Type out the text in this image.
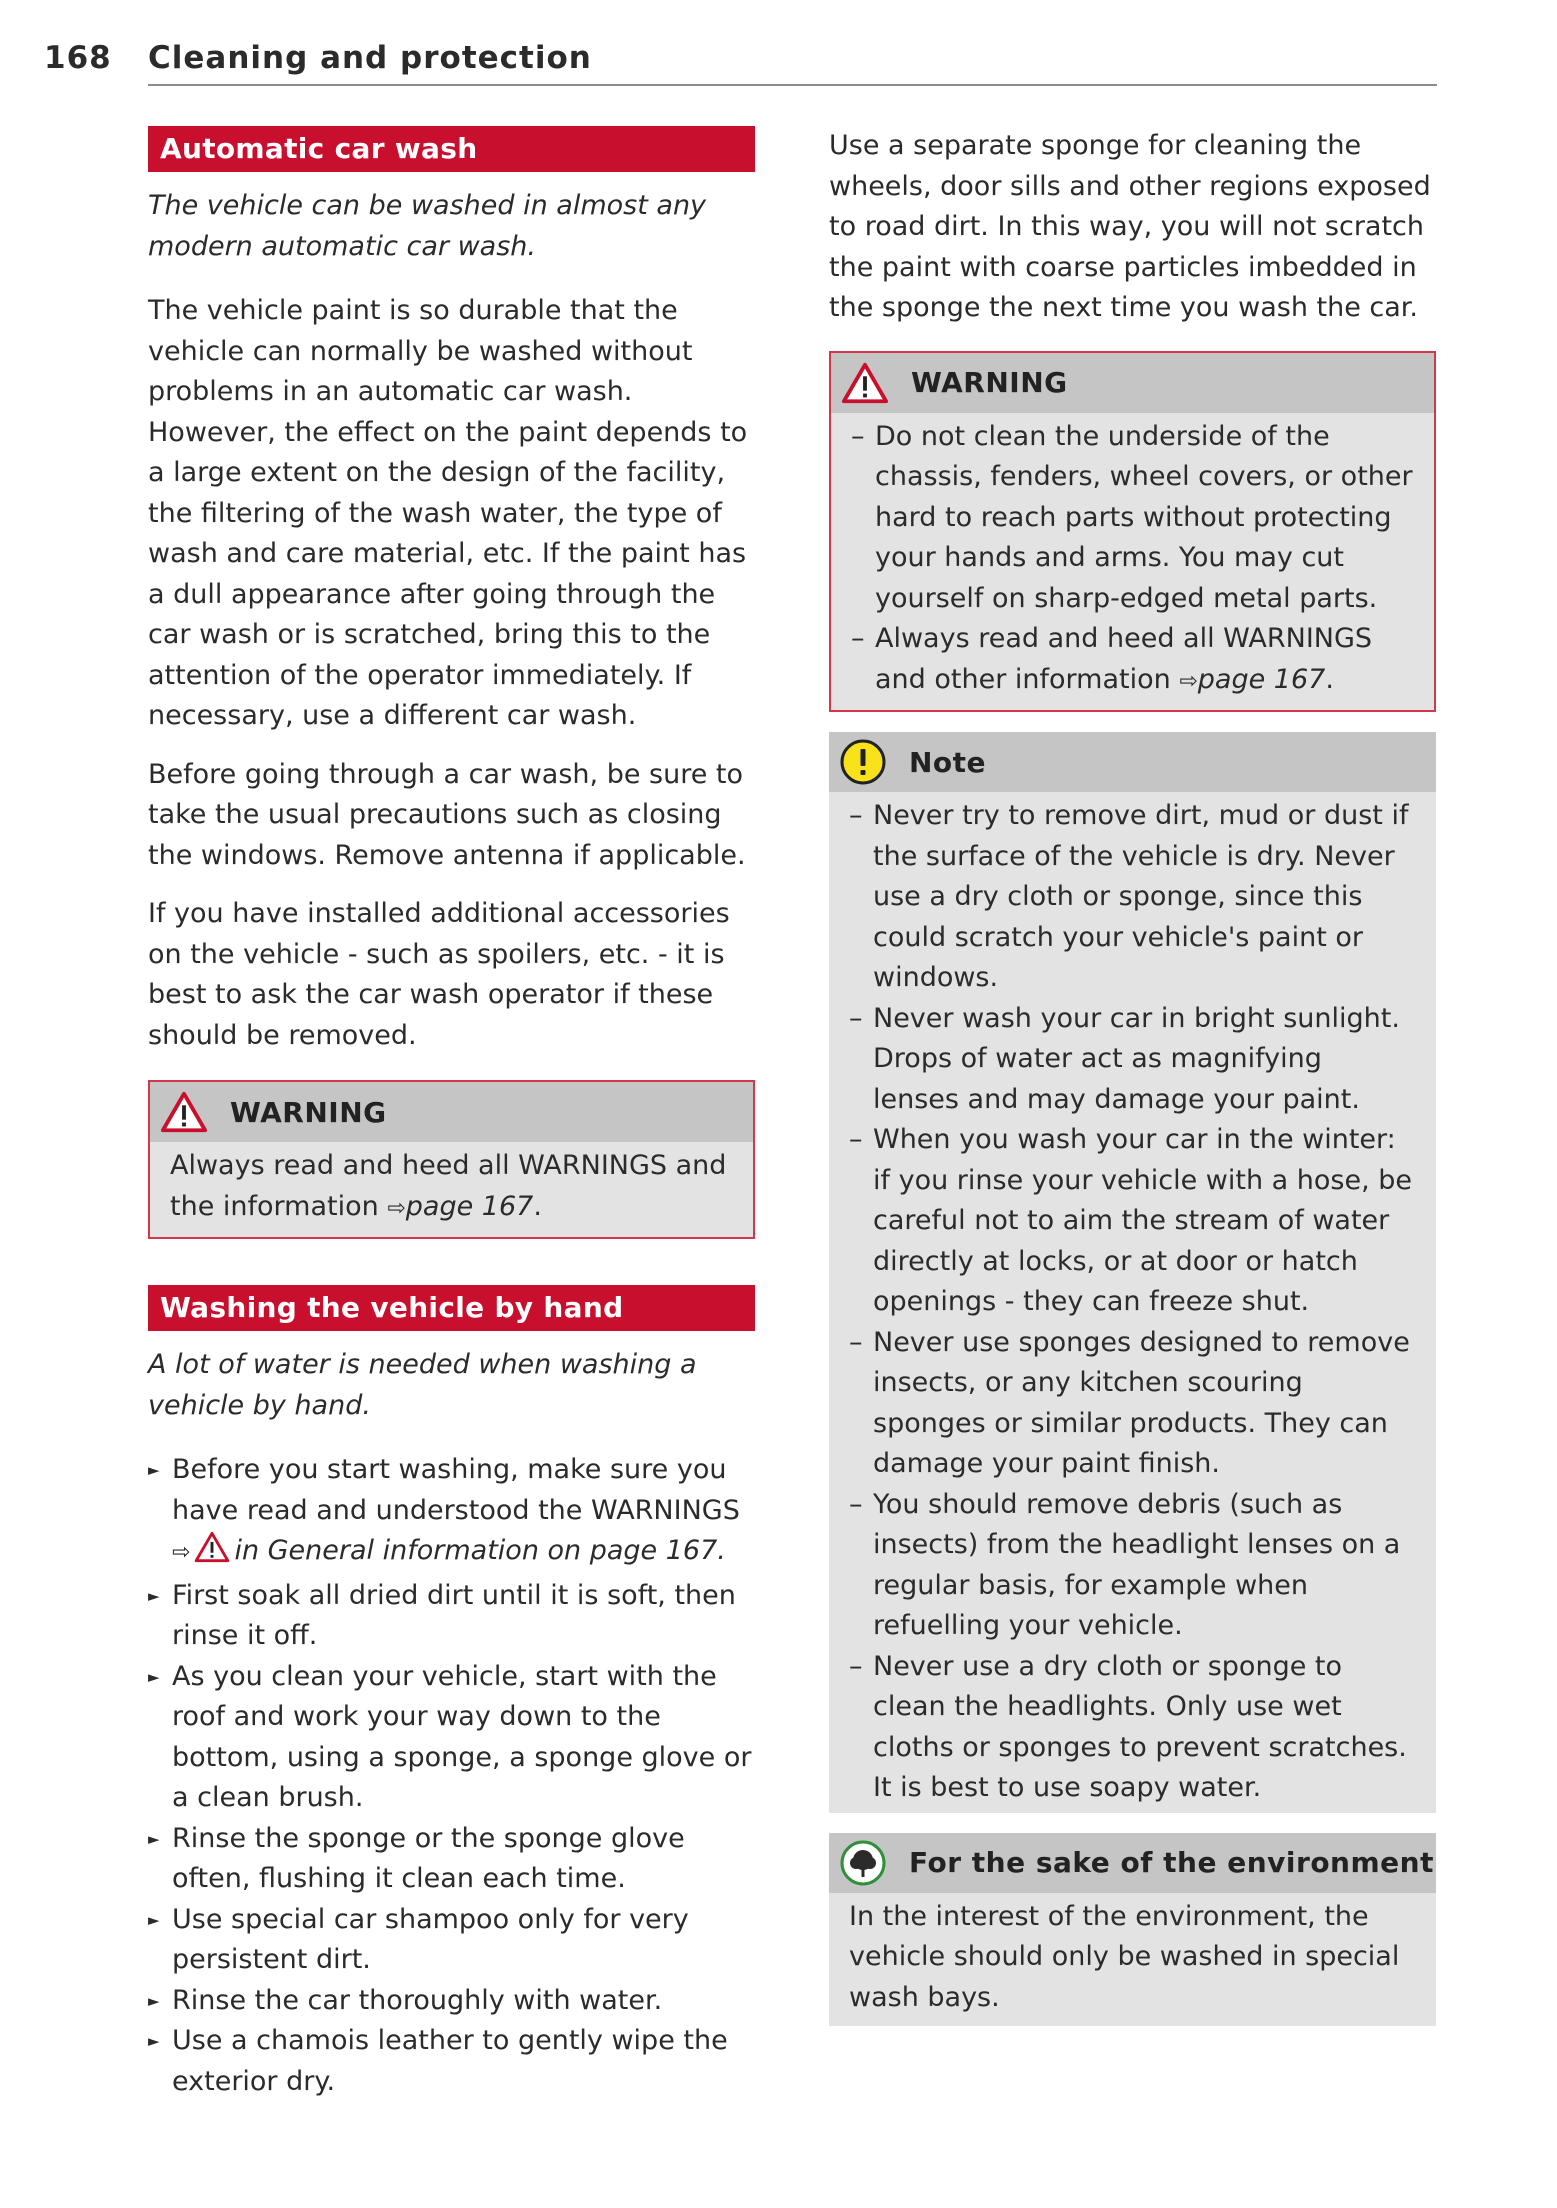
168 Cleaning and protection
Automatic car wash

The vehicle can be washed in almost any modern automatic car wash.

The vehicle paint is so durable that the vehicle can normally be washed without problems in an automatic car wash. However, the effect on the paint depends to a large extent on the design of the facility, the filtering of the wash water, the type of wash and care material, etc. If the paint has a dull appearance after going through the car wash or is scratched, bring this to the attention of the operator immediately. If necessary, use a different car wash.

Before going through a car wash, be sure to take the usual precautions such as closing the windows. Remove antenna if applicable.

If you have installed additional accessories on the vehicle - such as spoilers, etc. - it is best to ask the car wash operator if these should be removed.

WARNING

Always read and heed all WARNINGS and the information ⇨page 167.

Washing the vehicle by hand

A lot of water is needed when washing a vehicle by hand.

► Before you start washing, make sure you have read and understood the WARNINGS ⇨ in General information on page 167.
► First soak all dried dirt until it is soft, then rinse it off.
► As you clean your vehicle, start with the roof and work your way down to the bottom, using a sponge, a sponge glove or a clean brush.
► Rinse the sponge or the sponge glove often, flushing it clean each time.
► Use special car shampoo only for very persistent dirt.
► Rinse the car thoroughly with water.
► Use a chamois leather to gently wipe the exterior dry.

Use a separate sponge for cleaning the wheels, door sills and other regions exposed to road dirt. In this way, you will not scratch the paint with coarse particles imbedded in the sponge the next time you wash the car.

WARNING
– Do not clean the underside of the chassis, fenders, wheel covers, or other hard to reach parts without protecting your hands and arms. You may cut yourself on sharp-edged metal parts.
– Always read and heed all WARNINGS and other information ⇨page 167.
Note
– Never try to remove dirt, mud or dust if the surface of the vehicle is dry. Never use a dry cloth or sponge, since this could scratch your vehicle's paint or windows.
– Never wash your car in bright sunlight. Drops of water act as magnifying lenses and may damage your paint.
– When you wash your car in the winter: if you rinse your vehicle with a hose, be careful not to aim the stream of water directly at locks, or at door or hatch openings - they can freeze shut.
– Never use sponges designed to remove insects, or any kitchen scouring sponges or similar products. They can damage your paint finish.
– You should remove debris (such as insects) from the headlight lenses on a regular basis, for example when refuelling your vehicle.
– Never use a dry cloth or sponge to clean the headlights. Only use wet cloths or sponges to prevent scratches. It is best to use soapy water.
For the sake of the environment

In the interest of the environment, the vehicle should only be washed in special wash bays.
